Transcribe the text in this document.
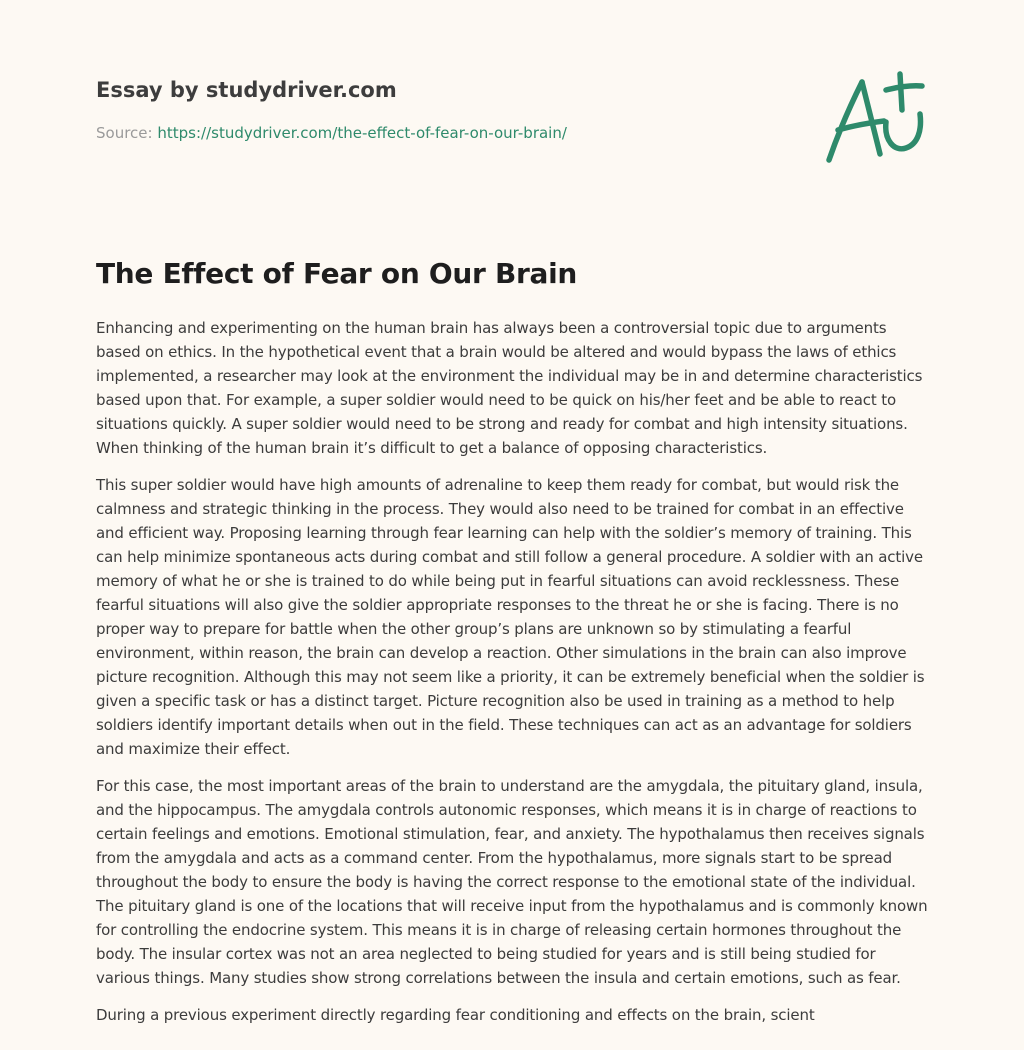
Essay by studydriver.com
Source: https://studydriver.com/the-effect-of-fear-on-our-brain/
The Effect of Fear on Our Brain

Enhancing and experimenting on the human brain has always been a controversial topic due to arguments based on ethics. In the hypothetical event that a brain would be altered and would bypass the laws of ethics implemented, a researcher may look at the environment the individual may be in and determine characteristics based upon that. For example, a super soldier would need to be quick on his/her feet and be able to react to situations quickly. A super soldier would need to be strong and ready for combat and high intensity situations. When thinking of the human brain it’s difficult to get a balance of opposing characteristics.

This super soldier would have high amounts of adrenaline to keep them ready for combat, but would risk the calmness and strategic thinking in the process. They would also need to be trained for combat in an effective and efficient way. Proposing learning through fear learning can help with the soldier’s memory of training. This can help minimize spontaneous acts during combat and still follow a general procedure. A soldier with an active memory of what he or she is trained to do while being put in fearful situations can avoid recklessness. These fearful situations will also give the soldier appropriate responses to the threat he or she is facing. There is no proper way to prepare for battle when the other group’s plans are unknown so by stimulating a fearful environment, within reason, the brain can develop a reaction. Other simulations in the brain can also improve picture recognition. Although this may not seem like a priority, it can be extremely beneficial when the soldier is given a specific task or has a distinct target. Picture recognition also be used in training as a method to help soldiers identify important details when out in the field. These techniques can act as an advantage for soldiers and maximize their effect.

For this case, the most important areas of the brain to understand are the amygdala, the pituitary gland, insula, and the hippocampus. The amygdala controls autonomic responses, which means it is in charge of reactions to certain feelings and emotions. Emotional stimulation, fear, and anxiety. The hypothalamus then receives signals from the amygdala and acts as a command center. From the hypothalamus, more signals start to be spread throughout the body to ensure the body is having the correct response to the emotional state of the individual. The pituitary gland is one of the locations that will receive input from the hypothalamus and is commonly known for controlling the endocrine system. This means it is in charge of releasing certain hormones throughout the body. The insular cortex was not an area neglected to being studied for years and is still being studied for various things. Many studies show strong correlations between the insula and certain emotions, such as fear.

During a previous experiment directly regarding fear conditioning and effects on the brain, scient
